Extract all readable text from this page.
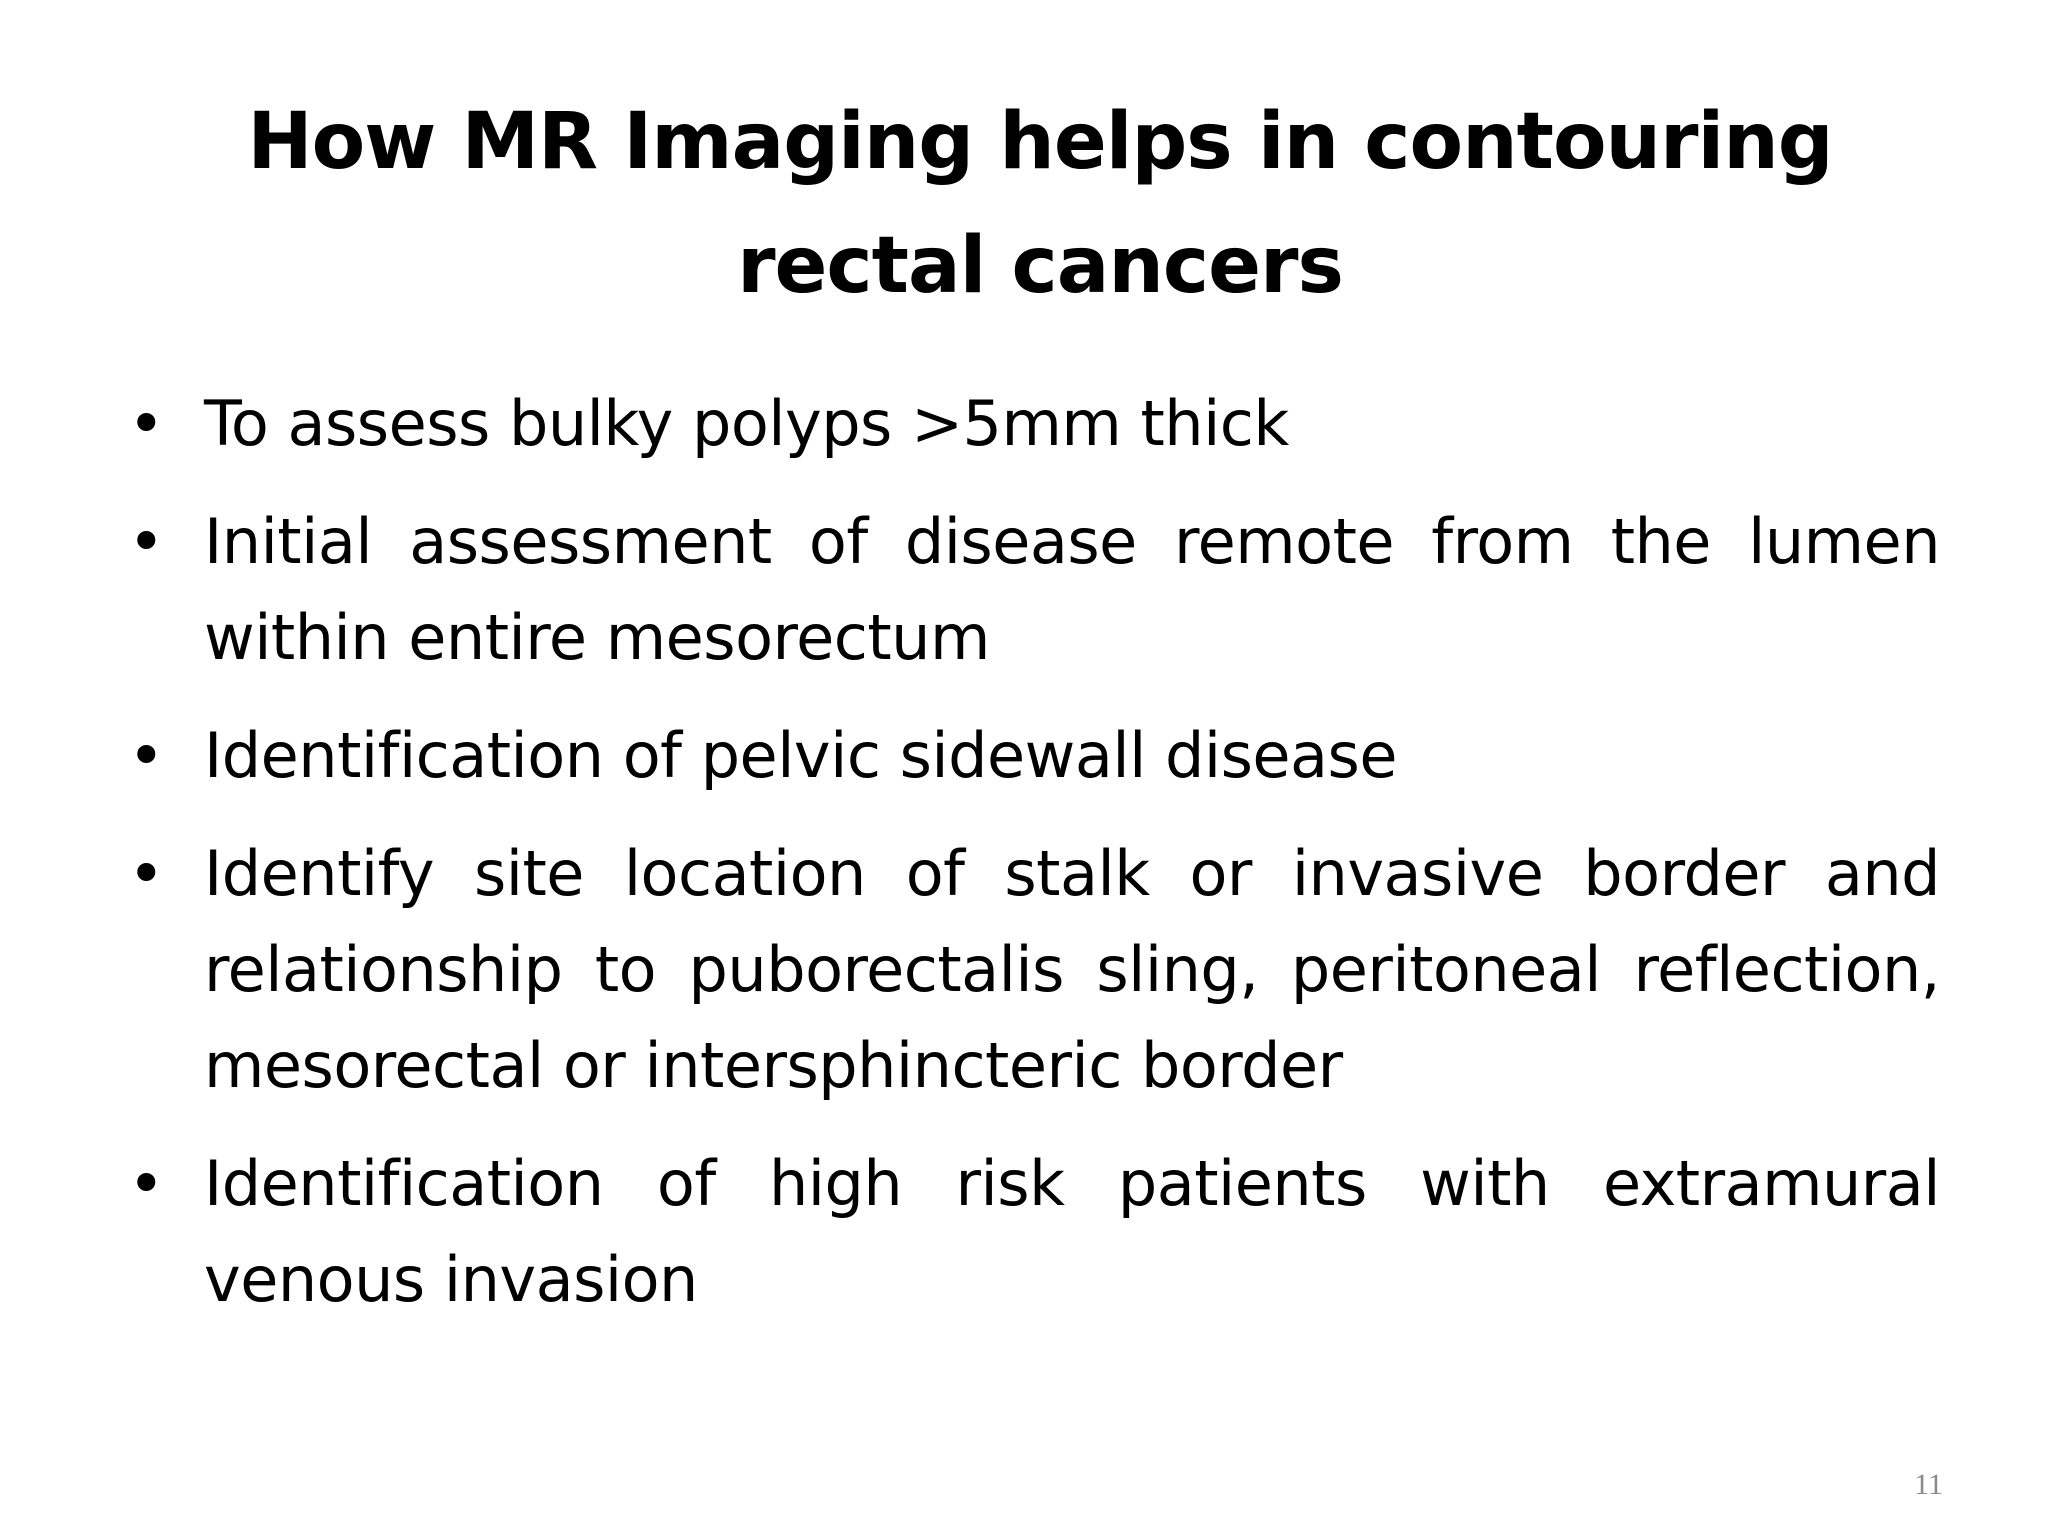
How MR Imaging helps in contouring
rectal cancers
• To assess bulky polyps >5mm thick
• Initial assessment of disease remote from the lumen within entire mesorectum
• Identification of pelvic sidewall disease
• Identify site location of stalk or invasive border and relationship to puborectalis sling, peritoneal reflection, mesorectal or intersphincteric border
• Identification of high risk patients with extramural venous invasion
11
